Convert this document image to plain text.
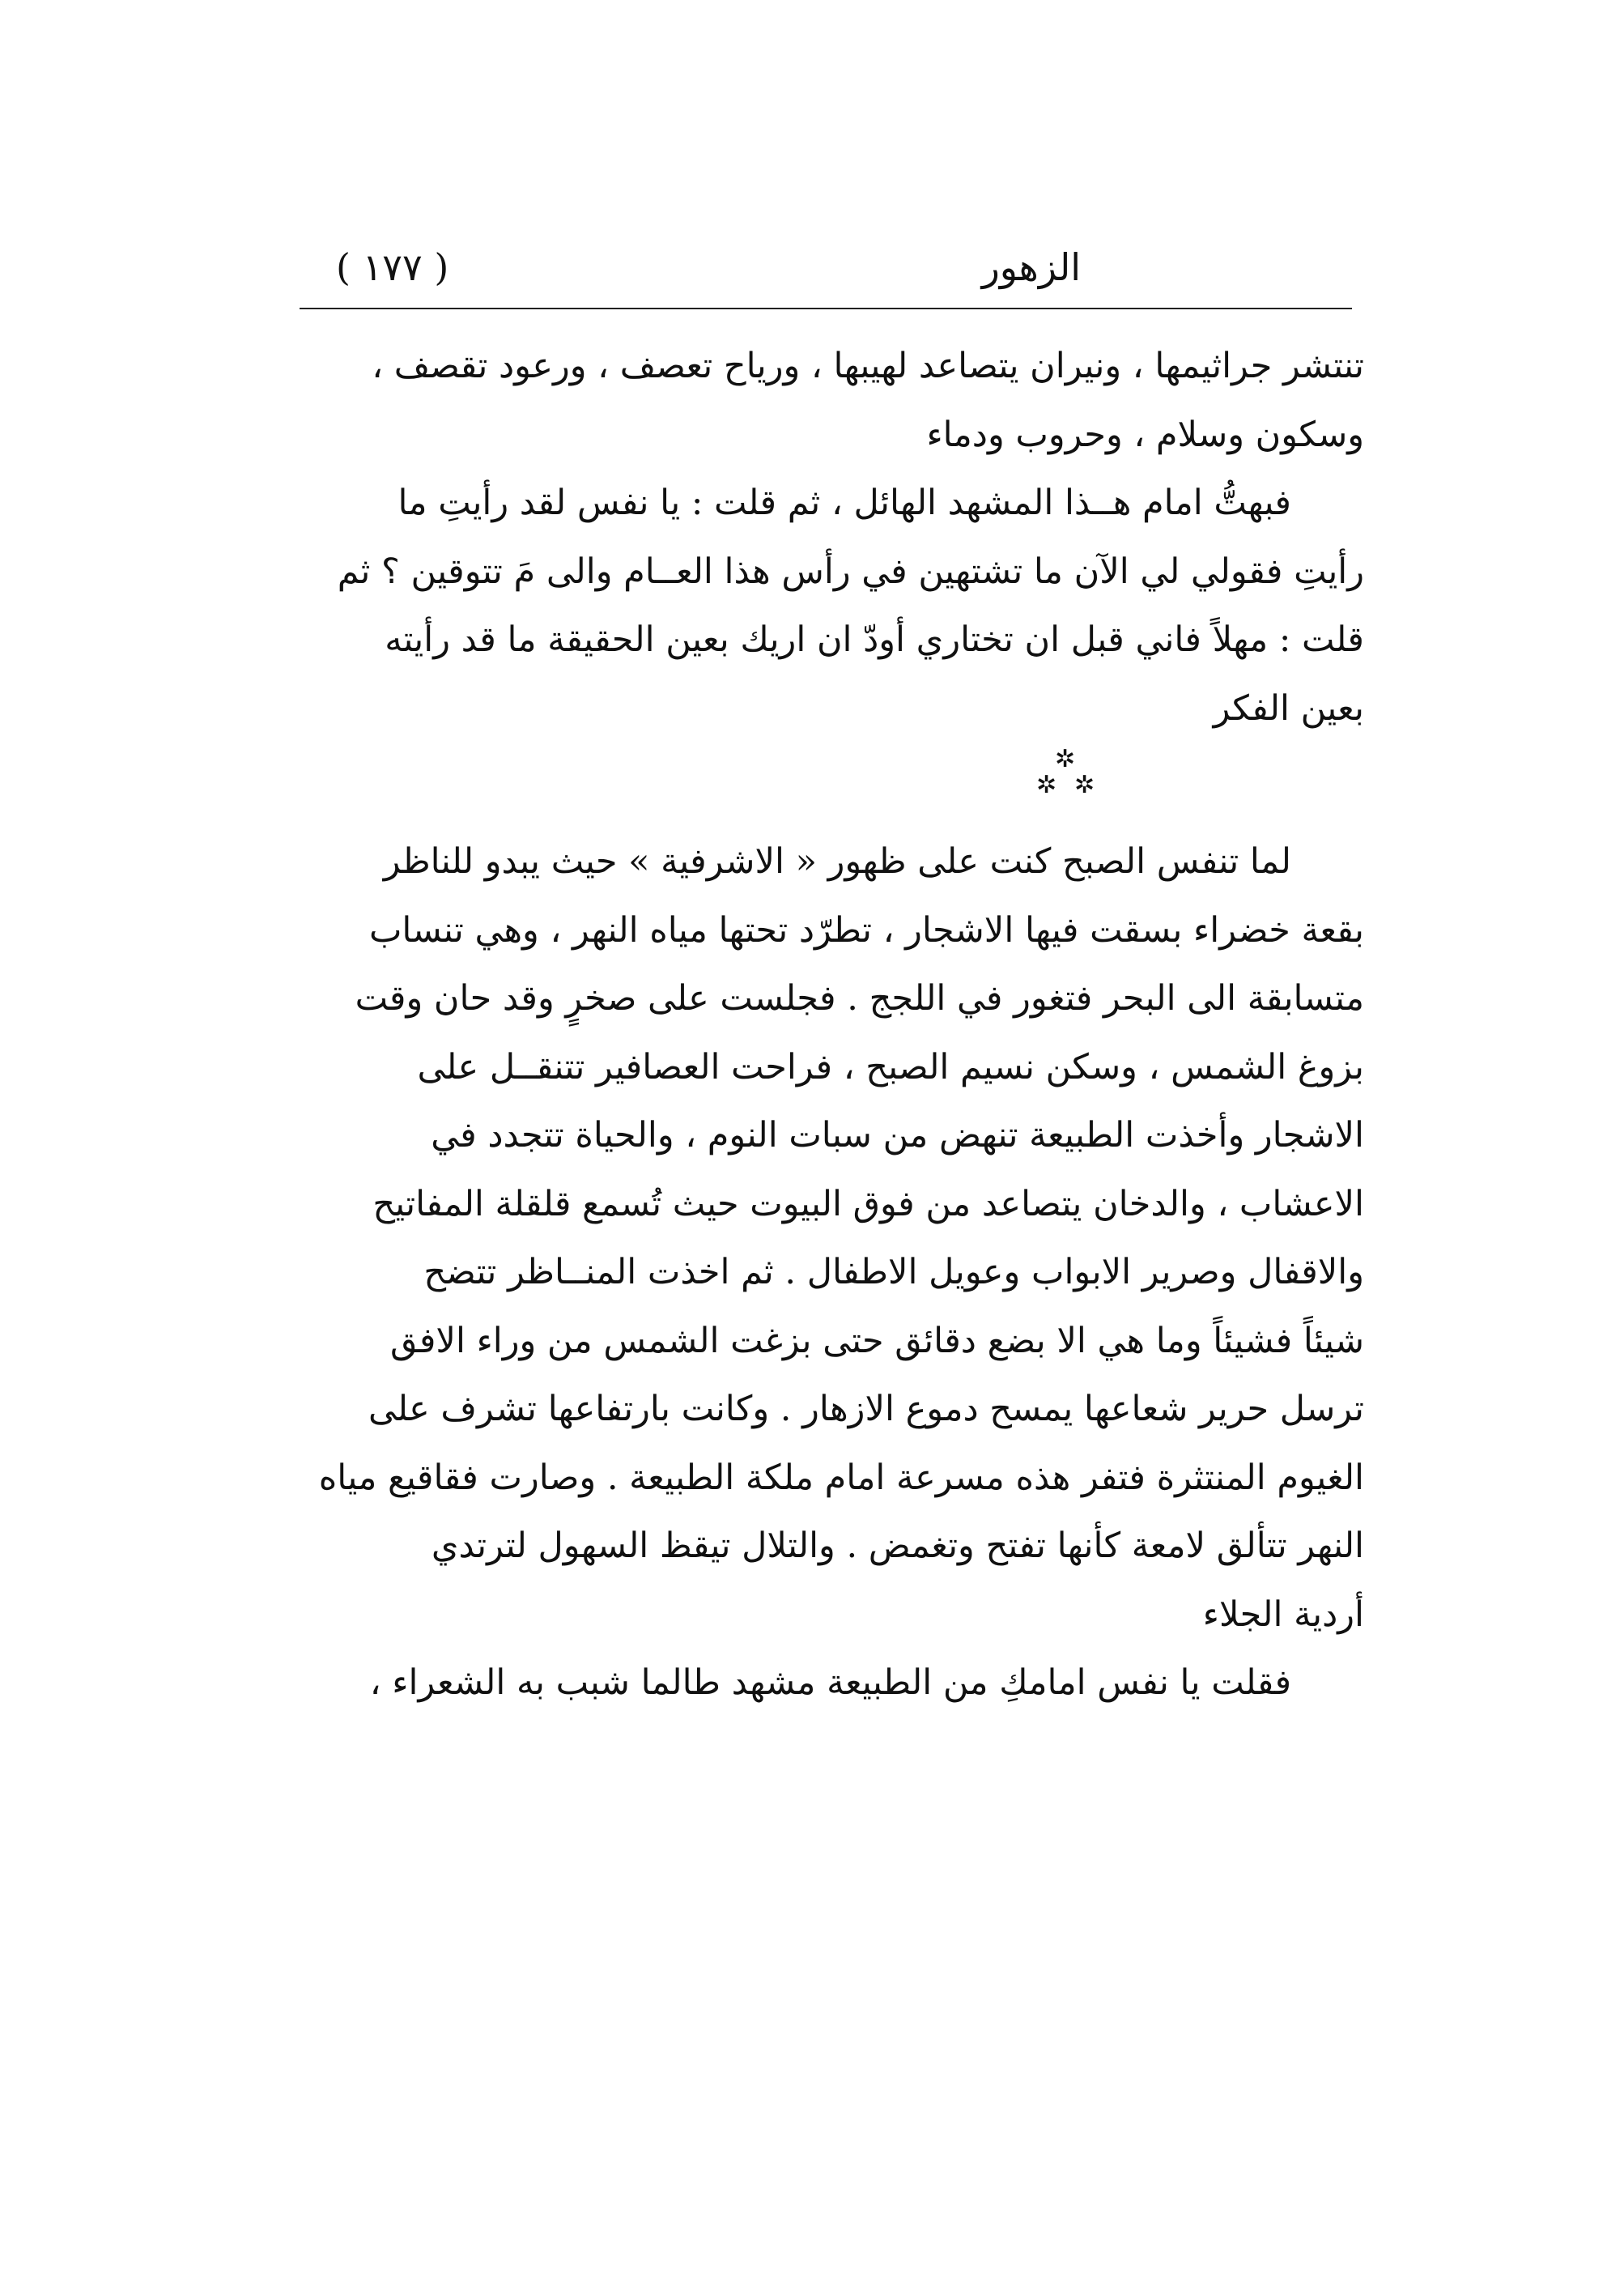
الزهور
( ١٧٧ )
تنتشر جراثيمها ، ونيران يتصاعد لهيبها ، ورياح تعصف ، ورعود تقصف ،
وسكون وسلام ، وحروب ودماء
فبهتُّ امام هــذا المشهد الهائل ، ثم قلت : يا نفس لقد رأيتِ ما
رأيتِ فقولي لي الآن ما تشتهين في رأس هذا العــام والى مَ تتوقين ؟ ثم
قلت : مهلاً فاني قبل ان تختاري أودّ ان اريك بعين الحقيقة ما قد رأيته
بعين الفكر
✲
✲ ✲
لما تنفس الصبح كنت على ظهور « الاشرفية » حيث يبدو للناظر
بقعة خضراء بسقت فيها الاشجار ، تطرّد تحتها مياه النهر ، وهي تنساب
متسابقة الى البحر فتغور في اللجج . فجلست على صخرٍ وقد حان وقت
بزوغ الشمس ، وسكن نسيم الصبح ، فراحت العصافير تتنقــل على
الاشجار وأخذت الطبيعة تنهض من سبات النوم ، والحياة تتجدد في
الاعشاب ، والدخان يتصاعد من فوق البيوت حيث تُسمع قلقلة المفاتيح
والاقفال وصرير الابواب وعويل الاطفال . ثم اخذت المنــاظر تتضح
شيئاً فشيئاً وما هي الا بضع دقائق حتى بزغت الشمس من وراء الافق
ترسل حرير شعاعها يمسح دموع الازهار . وكانت بارتفاعها تشرف على
الغيوم المنتثرة فتفر هذه مسرعة امام ملكة الطبيعة . وصارت فقاقيع مياه
النهر تتألق لامعة كأنها تفتح وتغمض . والتلال تيقظ السهول لترتدي
أردية الجلاء
فقلت يا نفس امامكِ من الطبيعة مشهد طالما شبب به الشعراء ،
